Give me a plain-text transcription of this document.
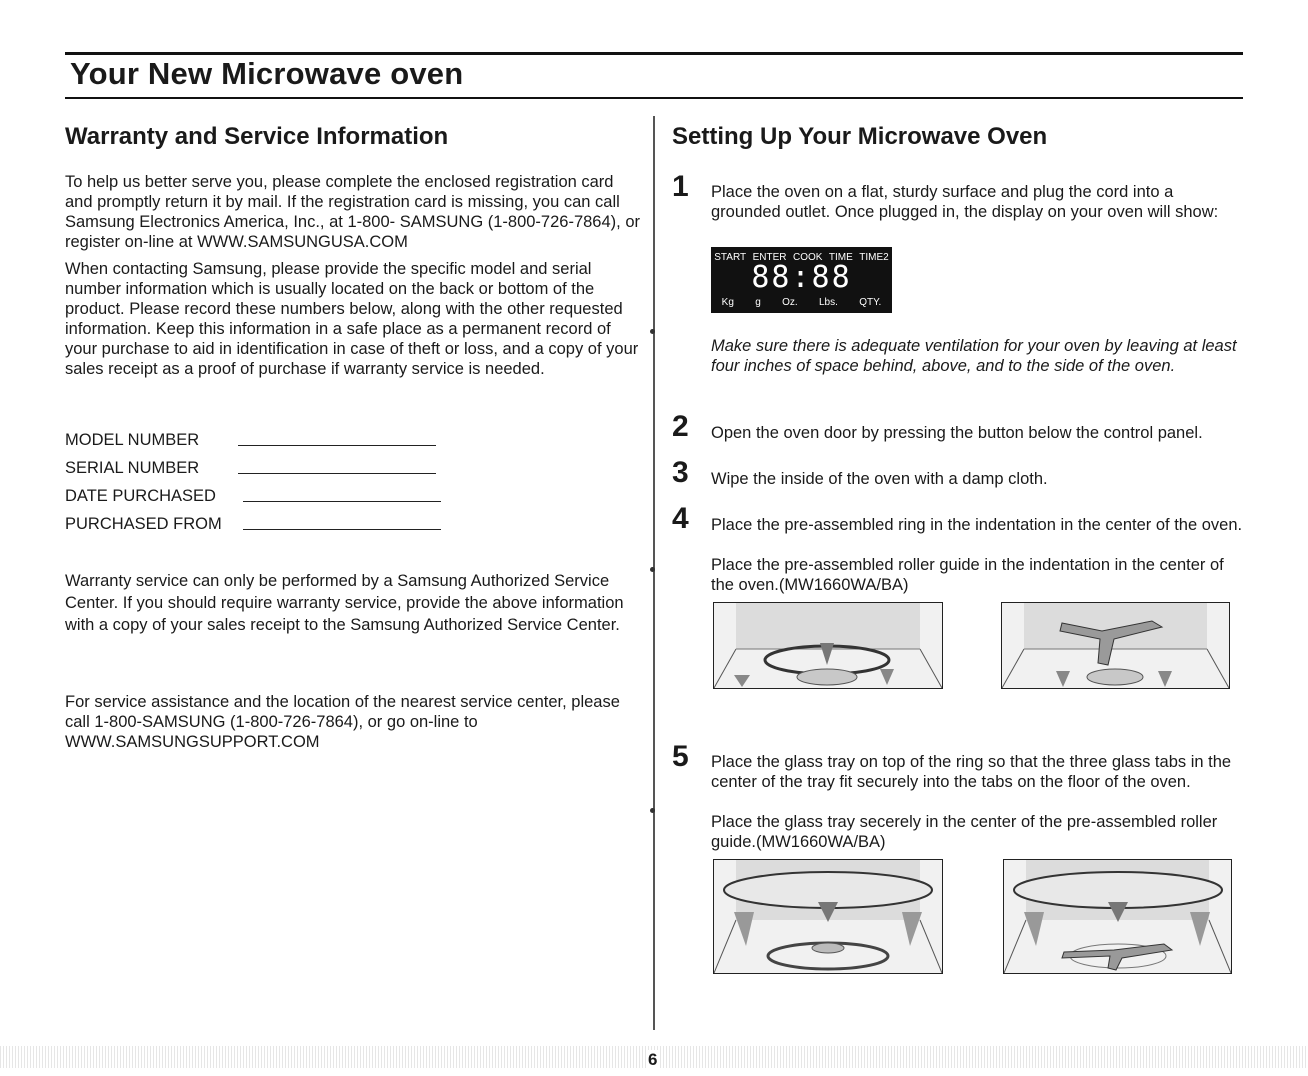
Your New Microwave oven
Warranty and Service Information

To help us better serve you, please complete the enclosed registration card and promptly return it by mail. If the registration card is missing, you can call Samsung Electronics America, Inc., at 1-800- SAMSUNG (1-800-726-7864), or register on-line at WWW.SAMSUNGUSA.COM

When contacting Samsung, please provide the specific model and serial number information which is usually located on the back or bottom of the product. Please record these numbers below, along with the other requested information. Keep this information in a safe place as a permanent record of your purchase to aid in identification in case of theft or loss, and a copy of your sales receipt as a proof of purchase if warranty service is needed.

MODEL NUMBER
SERIAL NUMBER
DATE PURCHASED
PURCHASED FROM

Warranty service can only be performed by a Samsung Authorized Service Center. If you should require warranty service, provide the above information with a copy of your sales receipt to the Samsung Authorized Service Center.

For service assistance and the location of the nearest service center, please call 1-800-SAMSUNG (1-800-726-7864), or go on-line to WWW.SAMSUNGSUPPORT.COM

Setting Up Your Microwave Oven
1 Place the oven on a flat, sturdy surface and plug the cord into a grounded outlet. Once plugged in, the display on your oven will show:

START ENTER COOK TIME TIME2
88:88
Kg g Oz. Lbs. QTY.

Make sure there is adequate ventilation for your oven by leaving at least four inches of space behind, above, and to the side of the oven.

2 Open the oven door by pressing the button below the control panel.

3 Wipe the inside of the oven with a damp cloth.

4 Place the pre-assembled ring in the indentation in the center of the oven.

Place the pre-assembled roller guide in the indentation in the center of the oven.(MW1660WA/BA)

5 Place the glass tray on top of the ring so that the three glass tabs in the center of the tray fit securely into the tabs on the floor of the oven.

Place the glass tray secerely in the center of the pre-assembled roller guide.(MW1660WA/BA)

6
